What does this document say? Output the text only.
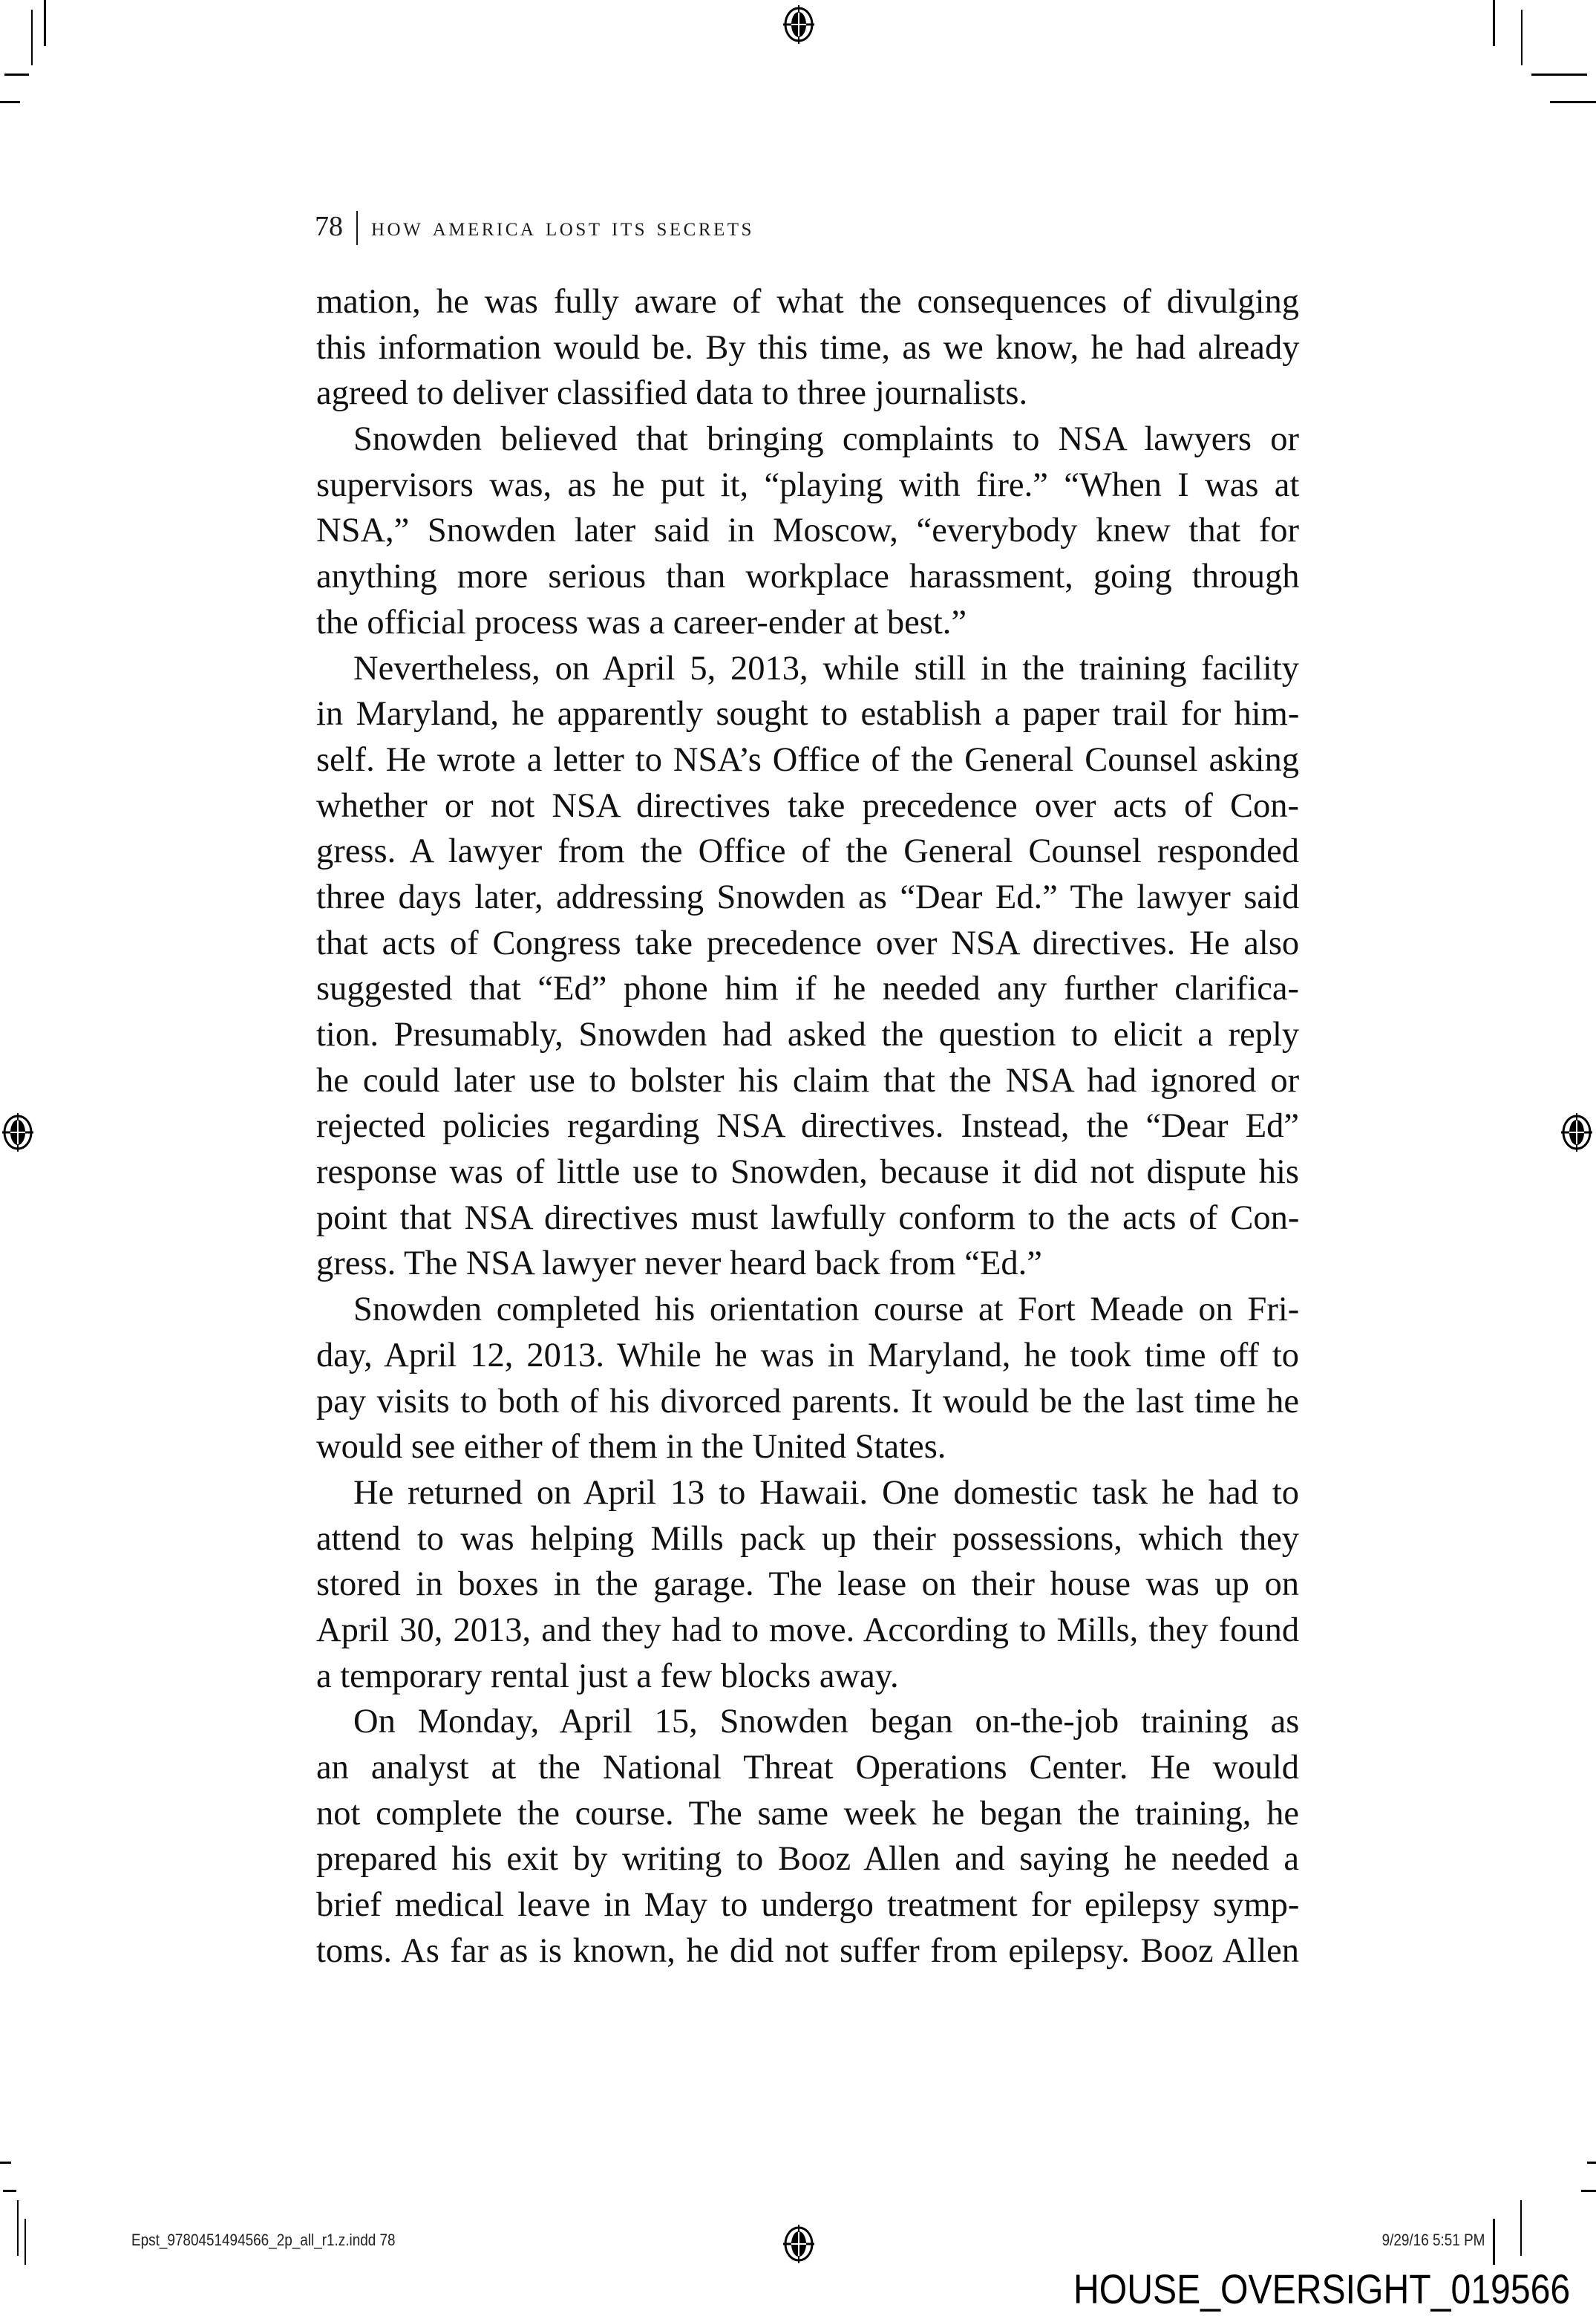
78 how america lost its secrets
mation, he was fully aware of what the consequences of divulging
this information would be. By this time, as we know, he had already
agreed to deliver classified data to three journalists.
Snowden believed that bringing complaints to NSA lawyers or
supervisors was, as he put it, “playing with fire.” “When I was at
NSA,” Snowden later said in Moscow, “everybody knew that for
anything more serious than workplace harassment, going through
the official process was a career-ender at best.”
Nevertheless, on April 5, 2013, while still in the training facility
in Maryland, he apparently sought to establish a paper trail for him-
self. He wrote a letter to NSA’s Office of the General Counsel asking
whether or not NSA directives take precedence over acts of Con-
gress. A lawyer from the Office of the General Counsel responded
three days later, addressing Snowden as “Dear Ed.” The lawyer said
that acts of Congress take precedence over NSA directives. He also
suggested that “Ed” phone him if he needed any further clarifica-
tion. Presumably, Snowden had asked the question to elicit a reply
he could later use to bolster his claim that the NSA had ignored or
rejected policies regarding NSA directives. Instead, the “Dear Ed”
response was of little use to Snowden, because it did not dispute his
point that NSA directives must lawfully conform to the acts of Con-
gress. The NSA lawyer never heard back from “Ed.”
Snowden completed his orientation course at Fort Meade on Fri-
day, April 12, 2013. While he was in Maryland, he took time off to
pay visits to both of his divorced parents. It would be the last time he
would see either of them in the United States.
He returned on April 13 to Hawaii. One domestic task he had to
attend to was helping Mills pack up their possessions, which they
stored in boxes in the garage. The lease on their house was up on
April 30, 2013, and they had to move. According to Mills, they found
a temporary rental just a few blocks away.
On Monday, April 15, Snowden began on-the-job training as
an analyst at the National Threat Operations Center. He would
not complete the course. The same week he began the training, he
prepared his exit by writing to Booz Allen and saying he needed a
brief medical leave in May to undergo treatment for epilepsy symp-
toms. As far as is known, he did not suffer from epilepsy. Booz Allen
Epst_9780451494566_2p_all_r1.z.indd 78	9/29/16 5:51 PM
HOUSE_OVERSIGHT_019566
